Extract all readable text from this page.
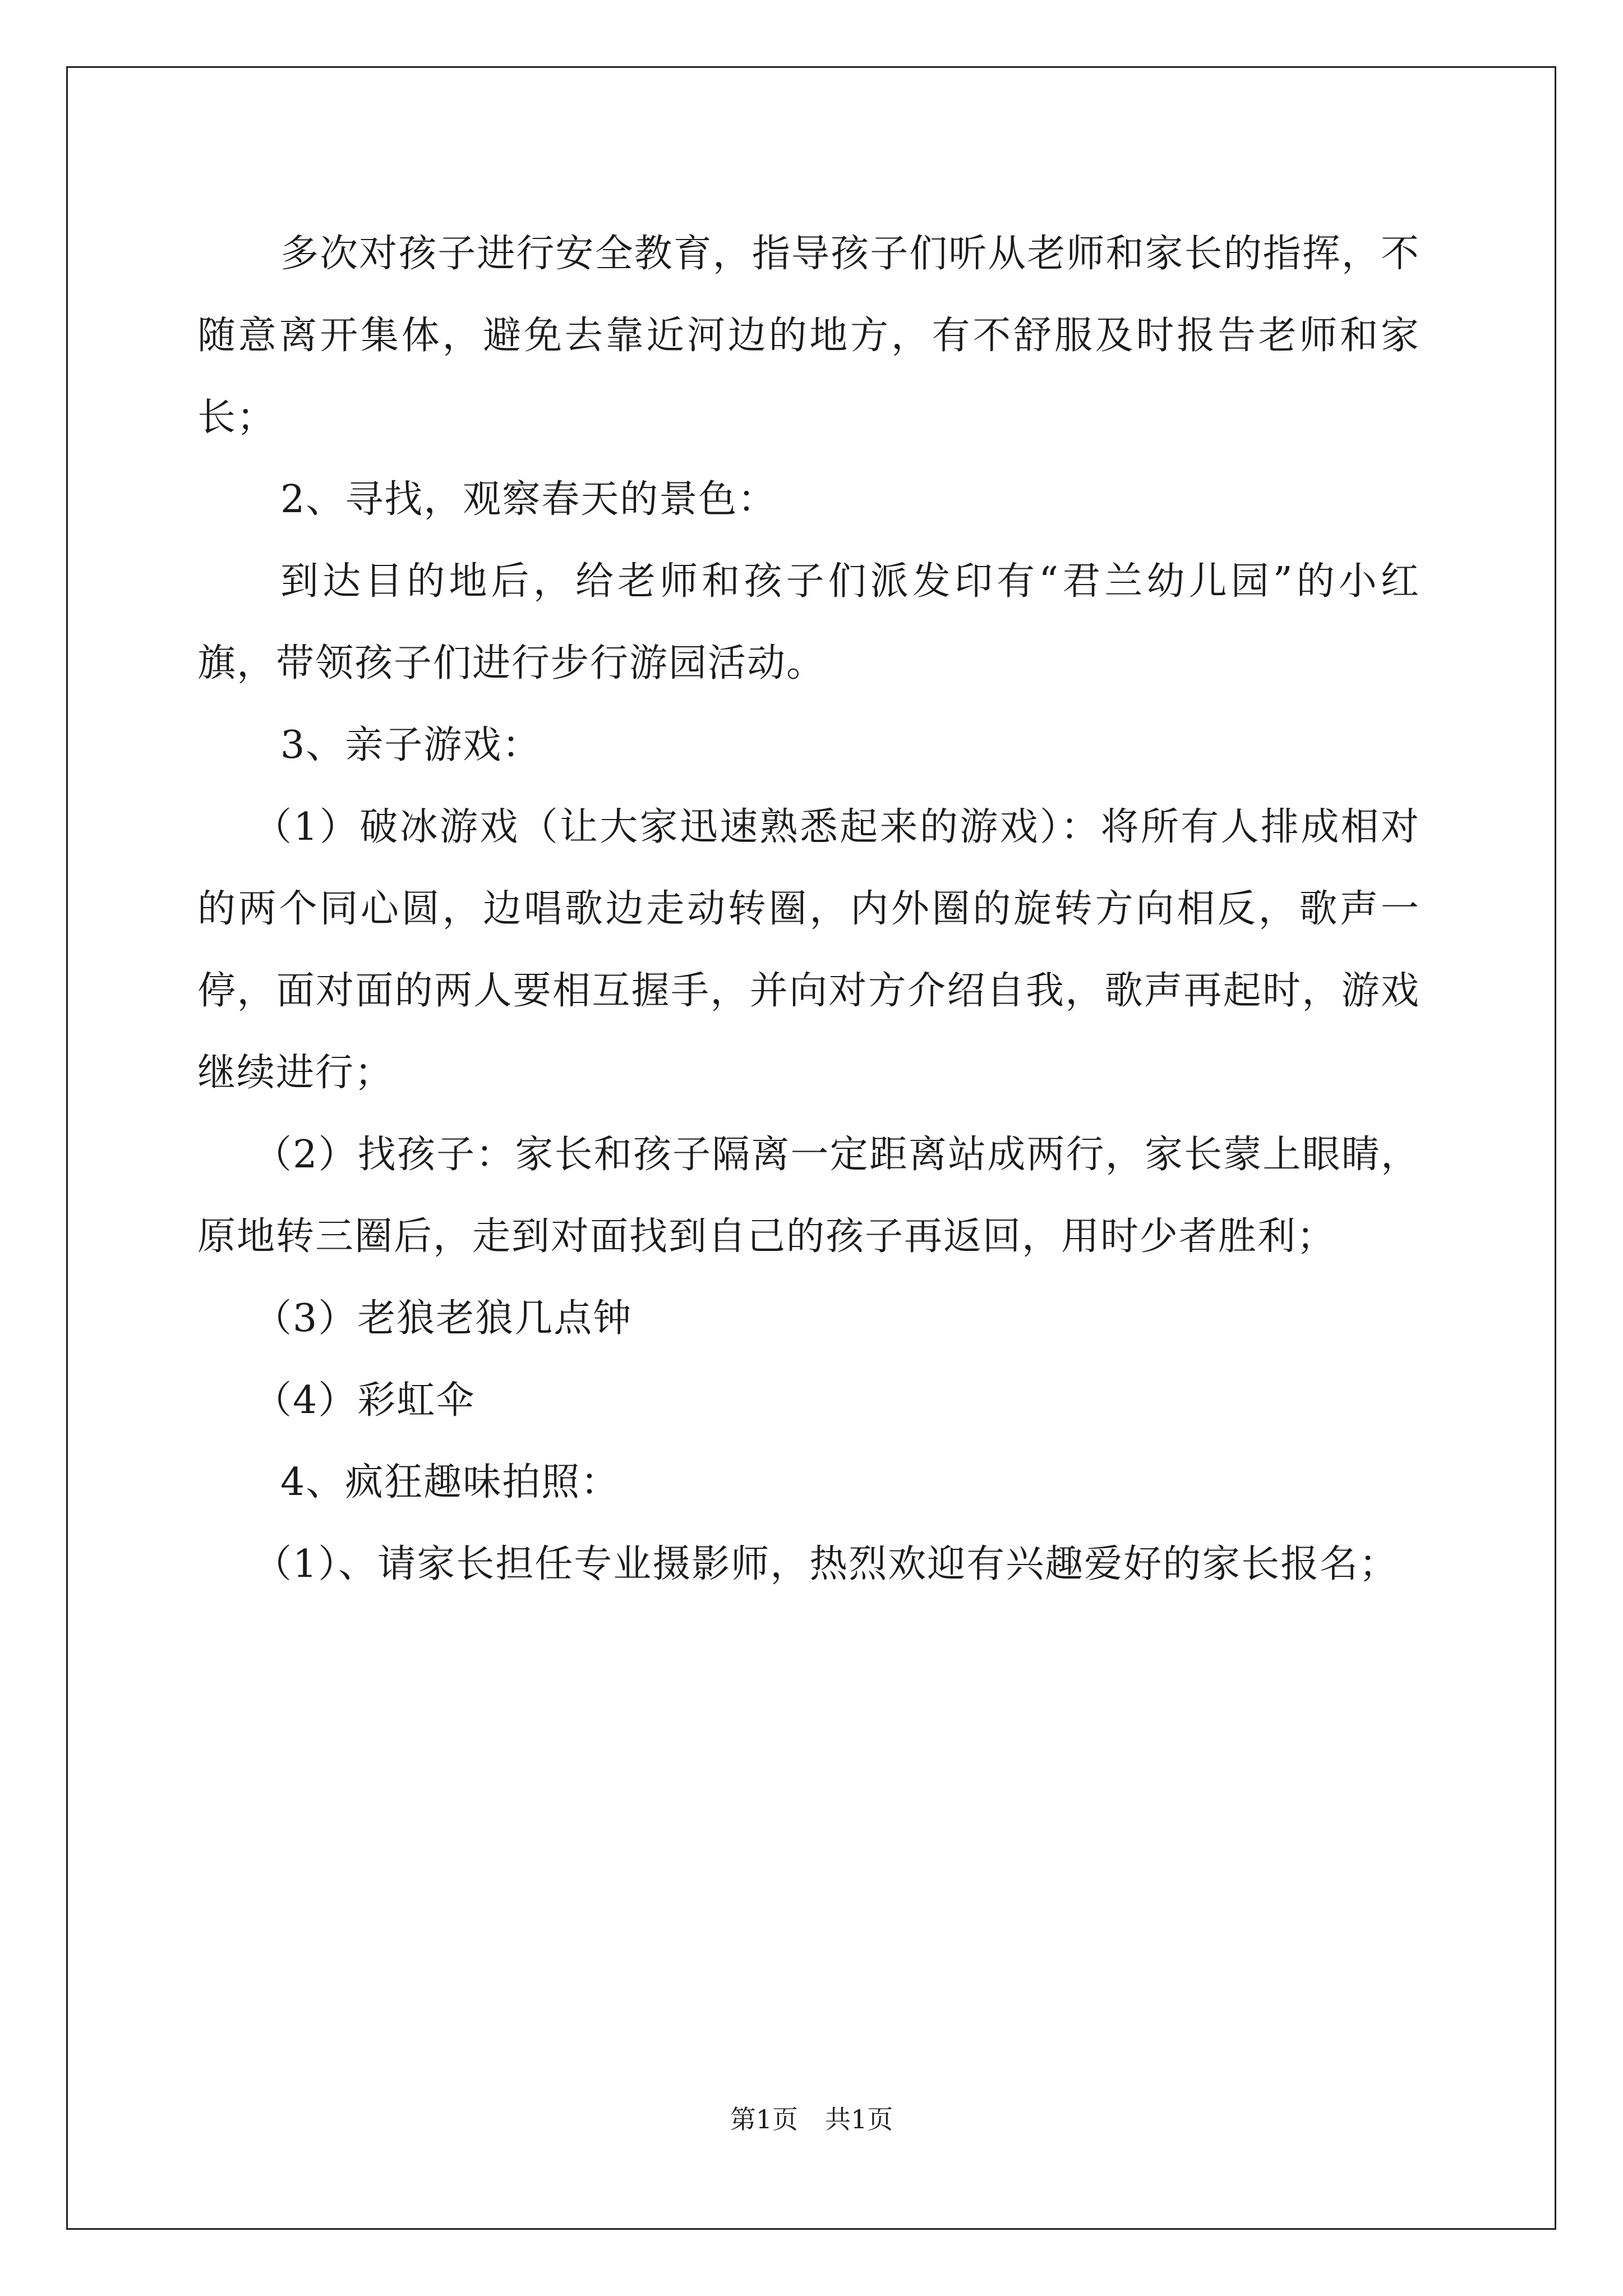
多次对孩子进行安全教育，指导孩子们听从老师和家长的指挥，不随意离开集体，避免去靠近河边的地方，有不舒服及时报告老师和家长；

2、寻找，观察春天的景色：

到达目的地后，给老师和孩子们派发印有“君兰幼儿园”的小红旗，带领孩子们进行步行游园活动。

3、亲子游戏：

（1）破冰游戏（让大家迅速熟悉起来的游戏）：将所有人排成相对的两个同心圆，边唱歌边走动转圈，内外圈的旋转方向相反，歌声一停，面对面的两人要相互握手，并向对方介绍自我，歌声再起时，游戏继续进行；

（2）找孩子：家长和孩子隔离一定距离站成两行，家长蒙上眼睛，原地转三圈后，走到对面找到自己的孩子再返回，用时少者胜利；

（3）老狼老狼几点钟

（4）彩虹伞

4、疯狂趣味拍照：

（1）、请家长担任专业摄影师，热烈欢迎有兴趣爱好的家长报名；

第1页 共1页
